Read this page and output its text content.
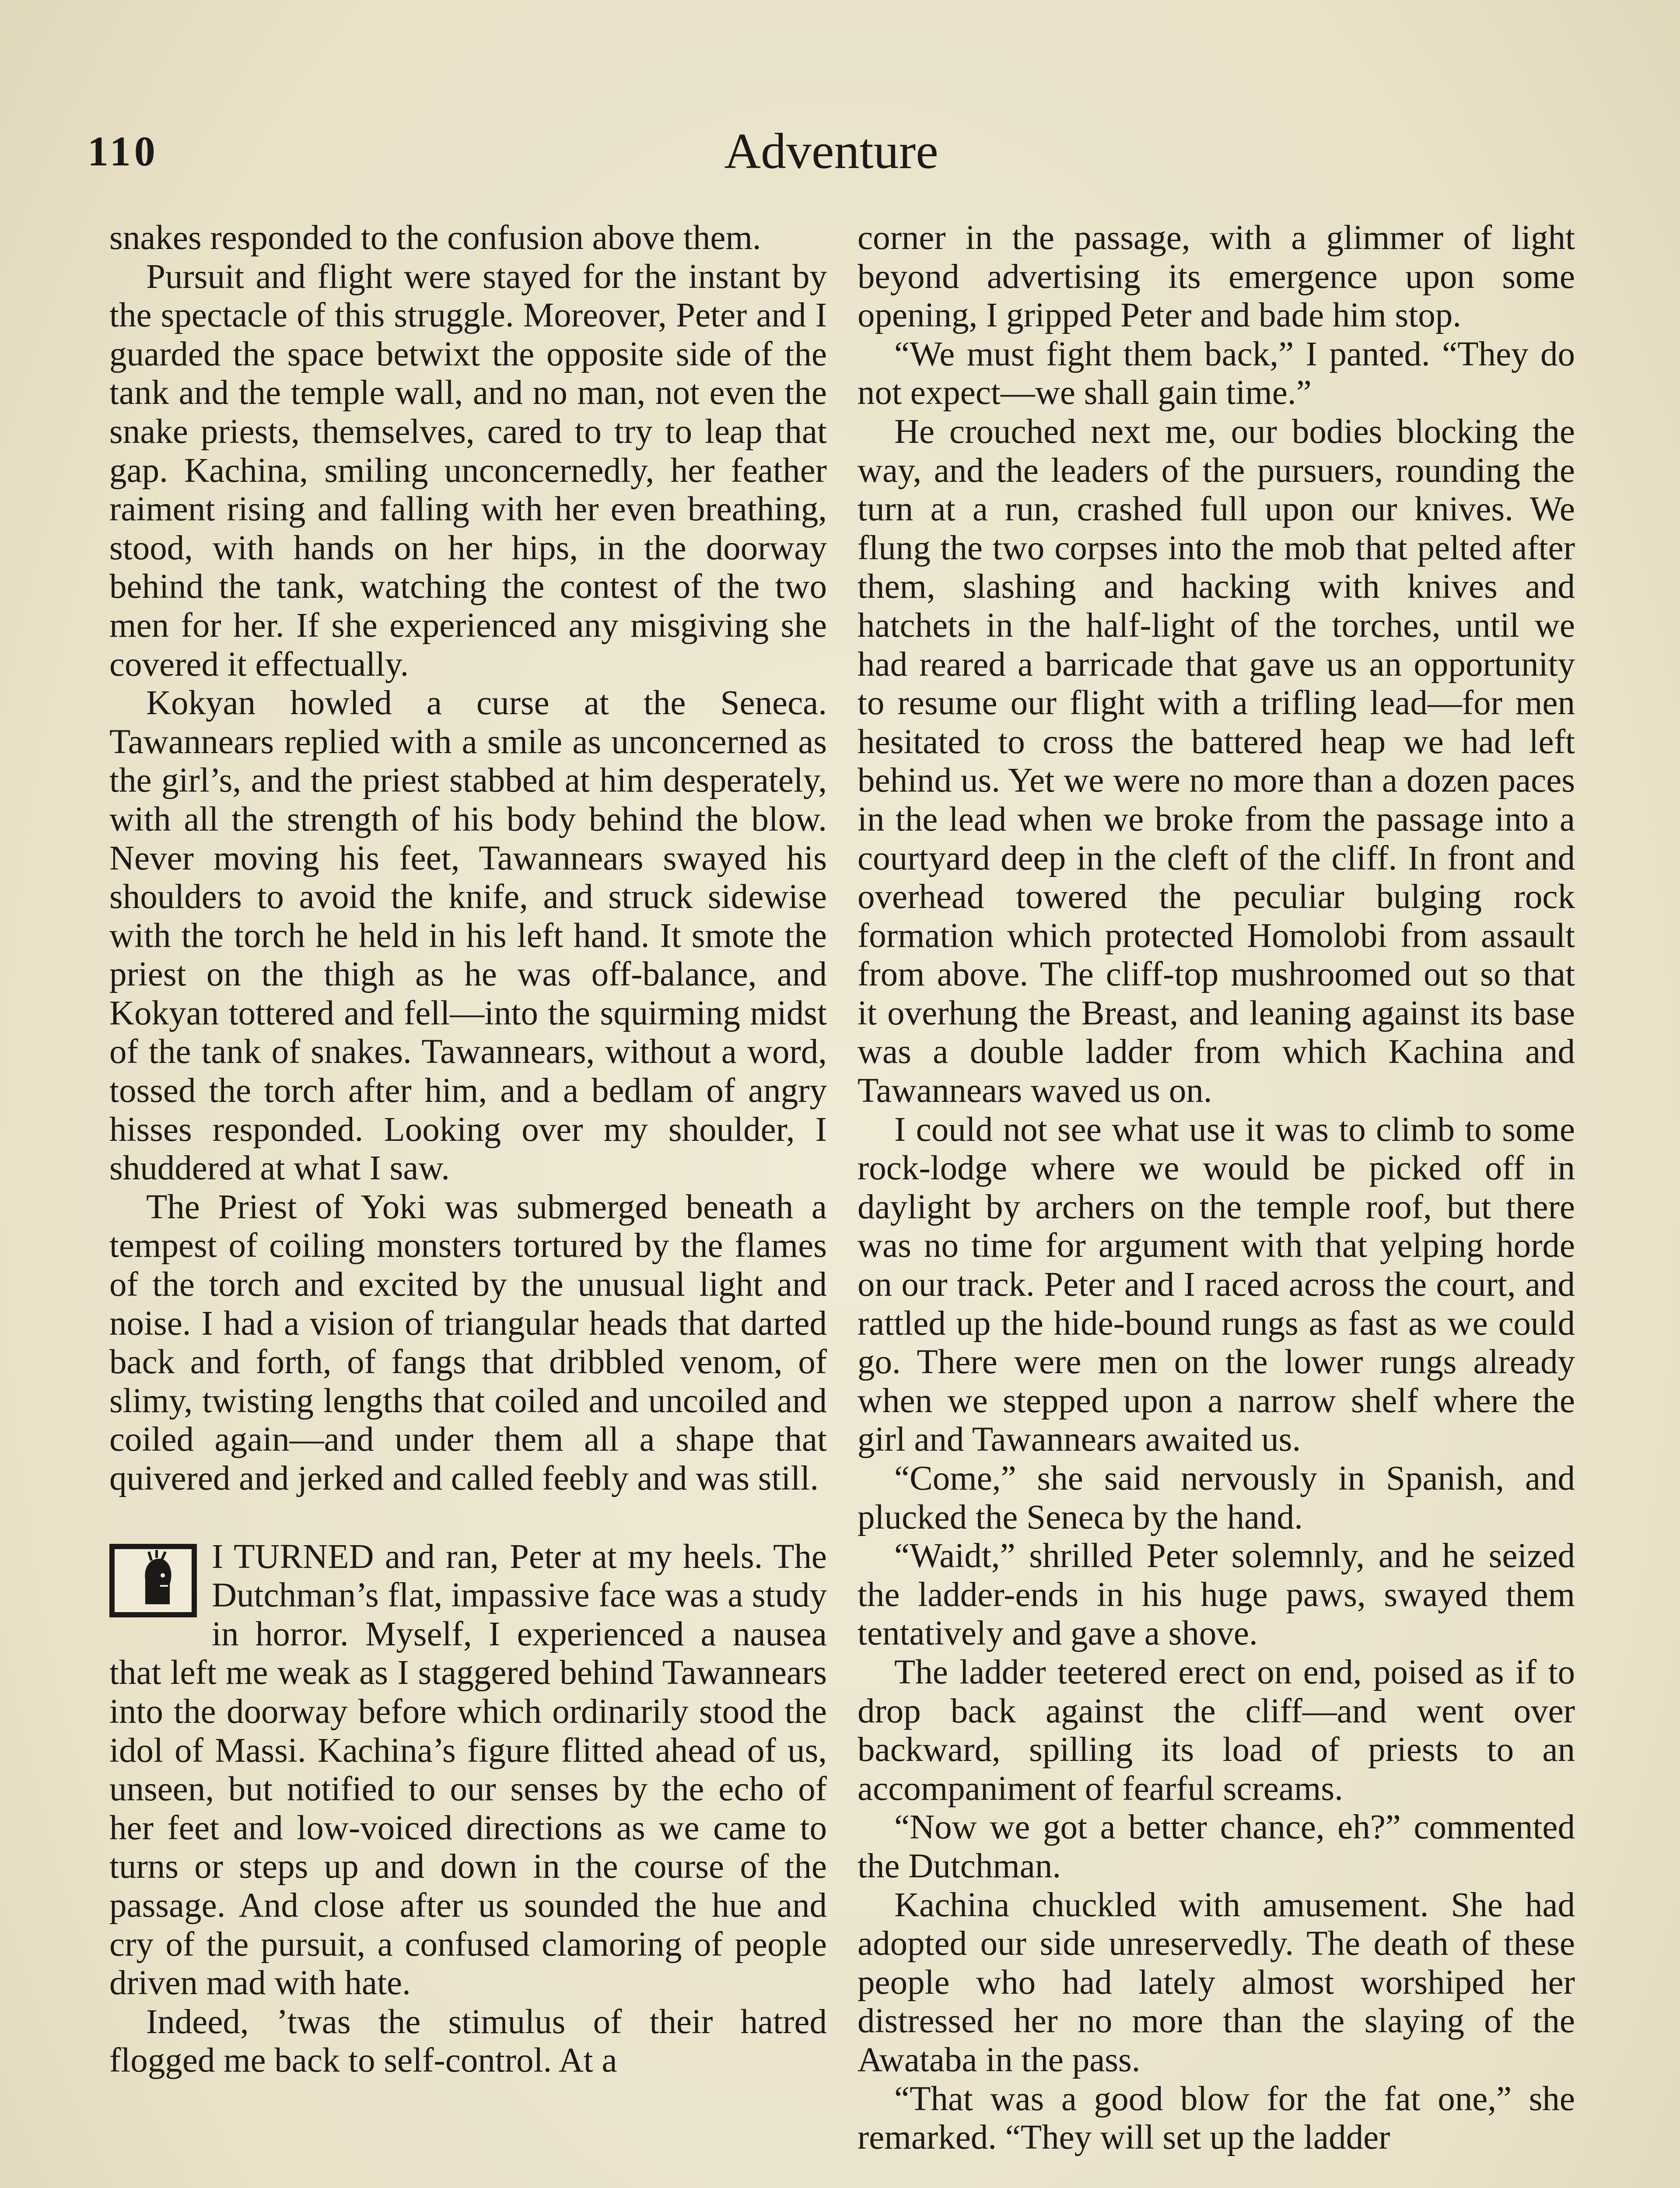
110	Adventure

snakes responded to the confusion above them.

Pursuit and flight were stayed for the instant by the spectacle of this struggle. Moreover, Peter and I guarded the space betwixt the opposite side of the tank and the temple wall, and no man, not even the snake priests, themselves, cared to try to leap that gap. Kachina, smiling unconcernedly, her feather raiment rising and falling with her even breathing, stood, with hands on her hips, in the doorway behind the tank, watching the contest of the two men for her. If she experienced any misgiving she covered it effectually.

Kokyan howled a curse at the Seneca. Tawannears replied with a smile as unconcerned as the girl’s, and the priest stabbed at him desperately, with all the strength of his body behind the blow. Never moving his feet, Tawannears swayed his shoulders to avoid the knife, and struck sidewise with the torch he held in his left hand. It smote the priest on the thigh as he was off-balance, and Kokyan tottered and fell—into the squirming midst of the tank of snakes. Tawannears, without a word, tossed the torch after him, and a bedlam of angry hisses responded. Looking over my shoulder, I shuddered at what I saw.

The Priest of Yoki was submerged beneath a tempest of coiling monsters tortured by the flames of the torch and excited by the unusual light and noise. I had a vision of triangular heads that darted back and forth, of fangs that dribbled venom, of slimy, twisting lengths that coiled and uncoiled and coiled again—and under them all a shape that quivered and jerked and called feebly and was still.

I TURNED and ran, Peter at my heels. The Dutchman’s flat, impassive face was a study in horror. Myself, I experienced a nausea that left me weak as I staggered behind Tawannears into the doorway before which ordinarily stood the idol of Massi. Kachina’s figure flitted ahead of us, unseen, but notified to our senses by the echo of her feet and low-voiced directions as we came to turns or steps up and down in the course of the passage. And close after us sounded the hue and cry of the pursuit, a confused clamoring of people driven mad with hate.

Indeed, ’twas the stimulus of their hatred flogged me back to self-control. At a

corner in the passage, with a glimmer of light beyond advertising its emergence upon some opening, I gripped Peter and bade him stop.

“We must fight them back,” I panted. “They do not expect—we shall gain time.”

He crouched next me, our bodies blocking the way, and the leaders of the pursuers, rounding the turn at a run, crashed full upon our knives. We flung the two corpses into the mob that pelted after them, slashing and hacking with knives and hatchets in the half-light of the torches, until we had reared a barricade that gave us an opportunity to resume our flight with a trifling lead—for men hesitated to cross the battered heap we had left behind us. Yet we were no more than a dozen paces in the lead when we broke from the passage into a courtyard deep in the cleft of the cliff. In front and overhead towered the peculiar bulging rock formation which protected Homolobi from assault from above. The cliff-top mushroomed out so that it overhung the Breast, and leaning against its base was a double ladder from which Kachina and Tawannears waved us on.

I could not see what use it was to climb to some rock-lodge where we would be picked off in daylight by archers on the temple roof, but there was no time for argument with that yelping horde on our track. Peter and I raced across the court, and rattled up the hide-bound rungs as fast as we could go. There were men on the lower rungs already when we stepped upon a narrow shelf where the girl and Tawannears awaited us.

“Come,” she said nervously in Spanish, and plucked the Seneca by the hand.

“Waidt,” shrilled Peter solemnly, and he seized the ladder-ends in his huge paws, swayed them tentatively and gave a shove.

The ladder teetered erect on end, poised as if to drop back against the cliff—and went over backward, spilling its load of priests to an accompaniment of fearful screams.

“Now we got a better chance, eh?” commented the Dutchman.

Kachina chuckled with amusement. She had adopted our side unreservedly. The death of these people who had lately almost worshiped her distressed her no more than the slaying of the Awataba in the pass.

“That was a good blow for the fat one,” she remarked. “They will set up the ladder
